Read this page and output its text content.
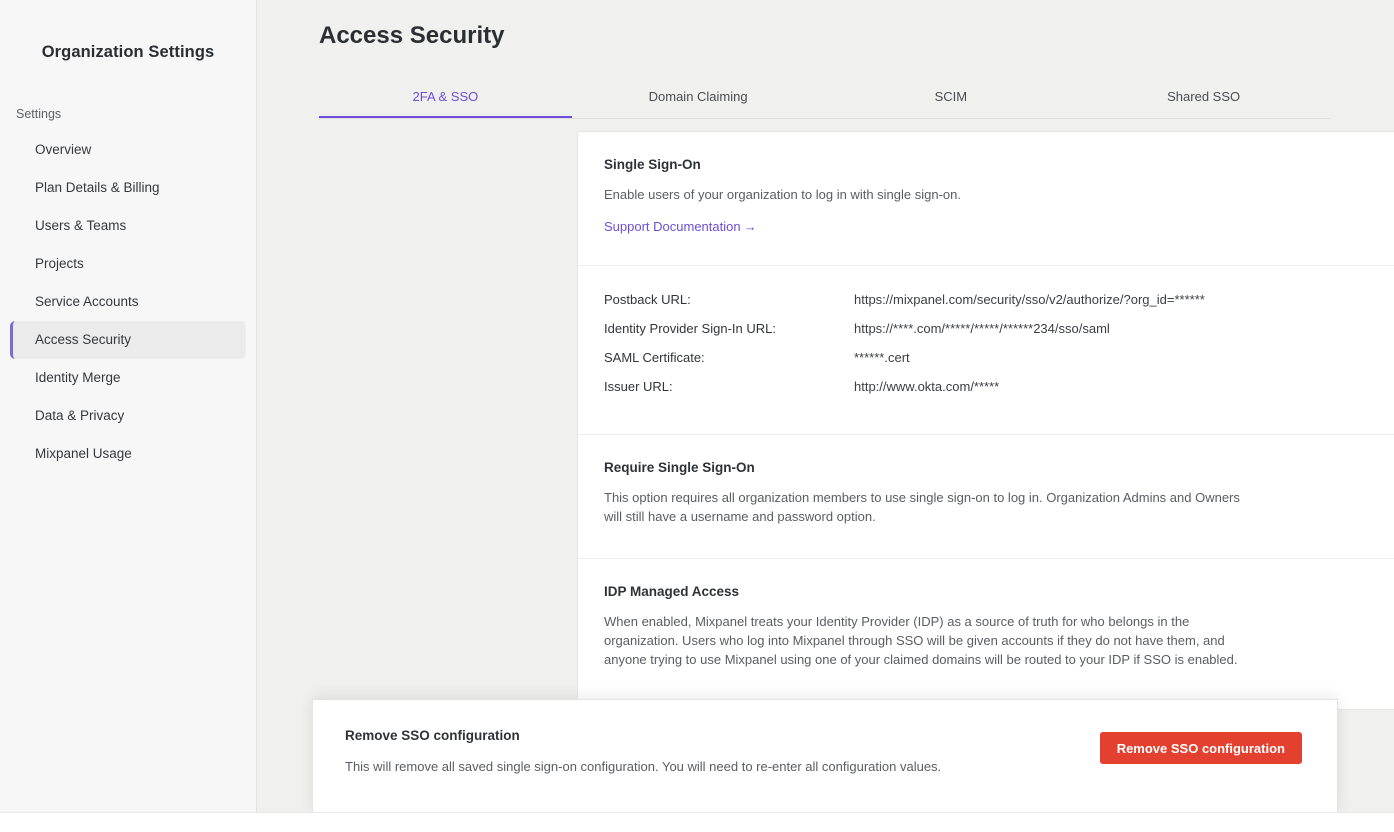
Organization Settings
Settings
Overview
Plan Details & Billing
Users & Teams
Projects
Service Accounts
Access Security
Identity Merge
Data & Privacy
Mixpanel Usage
Access Security
2FA & SSO	Domain Claiming	SCIM	Shared SSO
Single Sign-On
Enable users of your organization to log in with single sign-on.
Support Documentation →
Postback URL:	https://mixpanel.com/security/sso/v2/authorize/?org_id=******
Identity Provider Sign-In URL:	https://****.com/*****/*****/******234/sso/saml
SAML Certificate:	******.cert
Issuer URL:	http://www.okta.com/*****
Require Single Sign-On
This option requires all organization members to use single sign-on to log in. Organization Admins and Owners will still have a username and password option.
IDP Managed Access
When enabled, Mixpanel treats your Identity Provider (IDP) as a source of truth for who belongs in the organization. Users who log into Mixpanel through SSO will be given accounts if they do not have them, and anyone trying to use Mixpanel using one of your claimed domains will be routed to your IDP if SSO is enabled.
Remove SSO configuration
This will remove all saved single sign-on configuration. You will need to re-enter all configuration values.
Remove SSO configuration
